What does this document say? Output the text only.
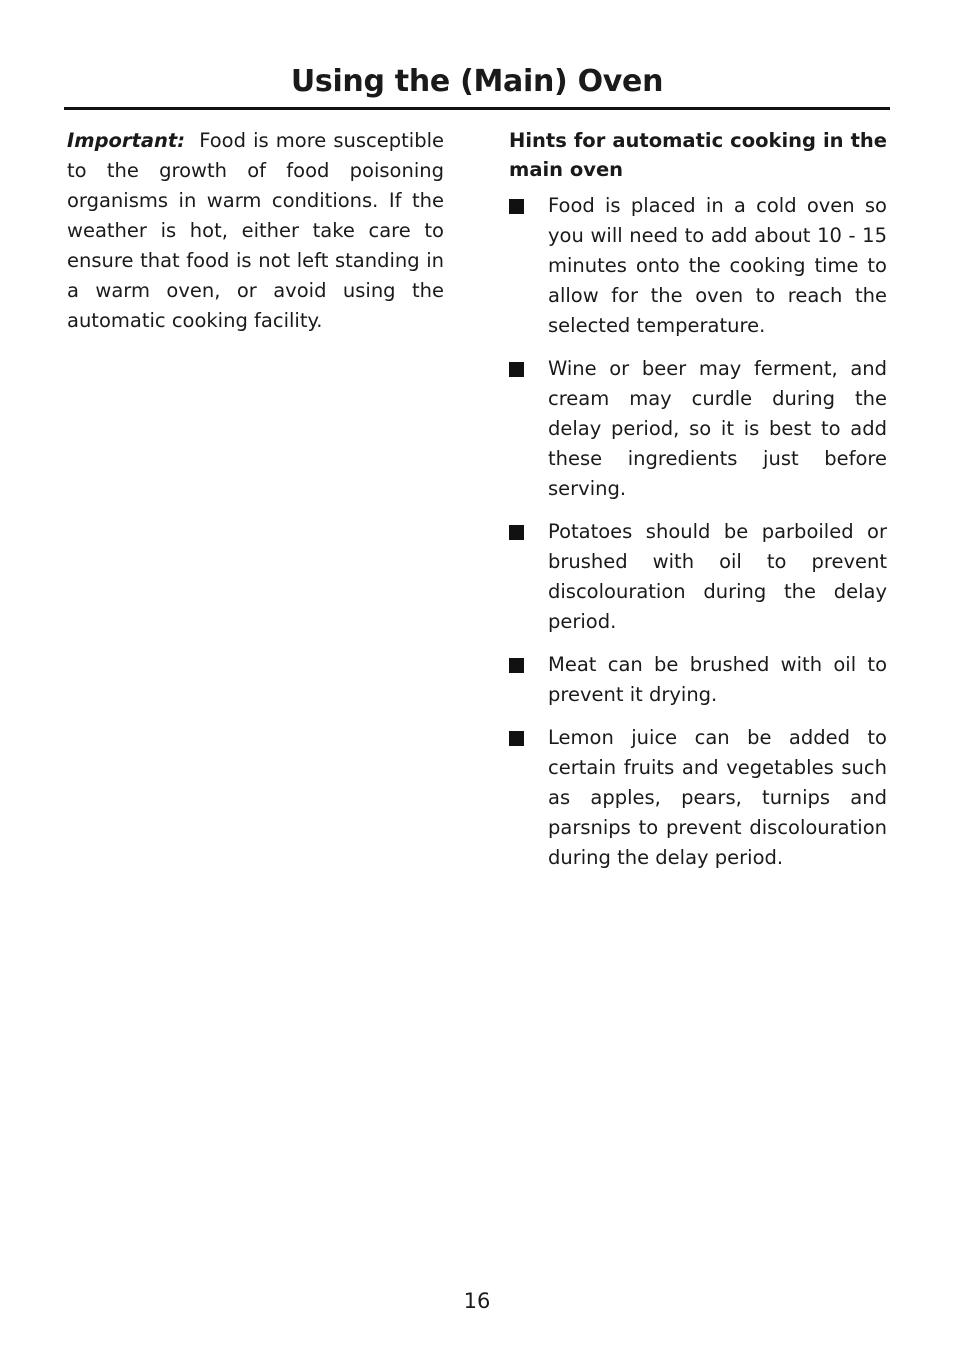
Using the (Main) Oven
Important: Food is more susceptible to the growth of food poisoning organisms in warm conditions. If the weather is hot, either take care to ensure that food is not left standing in a warm oven, or avoid using the automatic cooking facility.
Hints for automatic cooking in the main oven
Food is placed in a cold oven so you will need to add about 10 - 15 minutes onto the cooking time to allow for the oven to reach the selected temperature.
Wine or beer may ferment, and cream may curdle during the delay period, so it is best to add these ingredients just before serving.
Potatoes should be parboiled or brushed with oil to prevent discolouration during the delay period.
Meat can be brushed with oil to prevent it drying.
Lemon juice can be added to certain fruits and vegetables such as apples, pears, turnips and parsnips to prevent discolouration during the delay period.
16
